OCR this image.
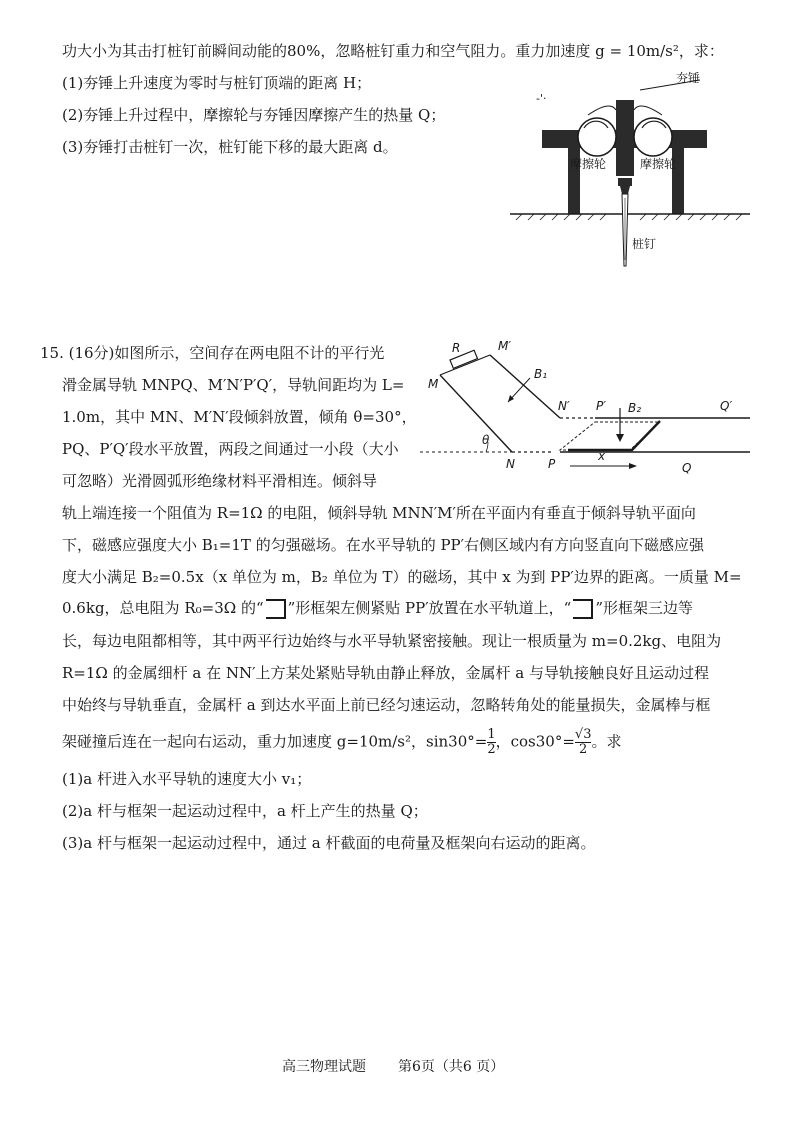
功大小为其击打桩钉前瞬间动能的80%，忽略桩钉重力和空气阻力。重力加速度 g = 10m/s²，求：
(1)夯锤上升速度为零时与桩钉顶端的距离 H；
(2)夯锤上升过程中，摩擦轮与夯锤因摩擦产生的热量 Q；
(3)夯锤打击桩钉一次，桩钉能下移的最大距离 d。
夯锤
-'·
摩擦轮	摩擦轮
桩钉
15. (16分)如图所示，空间存在两电阻不计的平行光
滑金属导轨 MNPQ、M′N′P′Q′，导轨间距均为 L=
1.0m，其中 MN、M′N′段倾斜放置，倾角 θ=30°，
PQ、P′Q′段水平放置，两段之间通过一小段（大小
可忽略）光滑圆弧形绝缘材料平滑相连。倾斜导
轨上端连接一个阻值为 R=1Ω 的电阻，倾斜导轨 MNN′M′所在平面内有垂直于倾斜导轨平面向
下，磁感应强度大小 B₁=1T 的匀强磁场。在水平导轨的 PP′右侧区域内有方向竖直向下磁感应强
度大小满足 B₂=0.5x（x 单位为 m，B₂ 单位为 T）的磁场，其中 x 为到 PP′边界的距离。一质量 M=
0.6kg，总电阻为 R₀=3Ω 的“ ”形框架左侧紧贴 PP′放置在水平轨道上，“ ”形框架三边等
长，每边电阻都相等，其中两平行边始终与水平导轨紧密接触。现让一根质量为 m=0.2kg、电阻为
R=1Ω 的金属细杆 a 在 NN′上方某处紧贴导轨由静止释放，金属杆 a 与导轨接触良好且运动过程
中始终与导轨垂直，金属杆 a 到达水平面上前已经匀速运动，忽略转角处的能量损失，金属棒与框
架碰撞后连在一起向右运动，重力加速度 g=10m/s²，$\sin 30^\circ= \frac{1}{2}$ ，$\cos 30^\circ= \frac{√3}{2}$ 。求
(1)a 杆进入水平导轨的速度大小 v₁；
(2)a 杆与框架一起运动过程中，a 杆上产生的热量 Q；
(3)a 杆与框架一起运动过程中，通过 a 杆截面的电荷量及框架向右运动的距离。
R	M′
M
B₁
N′ P′ B₂	Q′
θ
N	P
x
Q
高三物理试题 第6页（共6 页）
